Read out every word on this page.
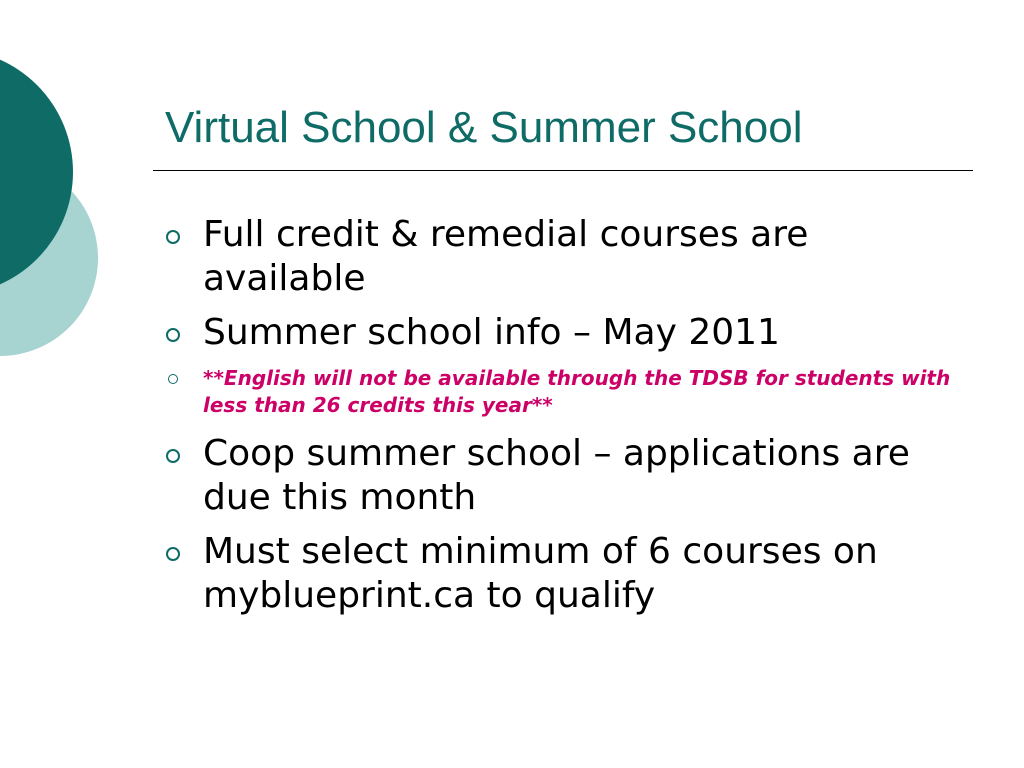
Virtual School & Summer School
Full credit & remedial courses are available
Summer school info – May 2011
**English will not be available through the TDSB for students with less than 26 credits this year**
Coop summer school – applications are due this month
Must select minimum of 6 courses on myblueprint.ca to qualify
